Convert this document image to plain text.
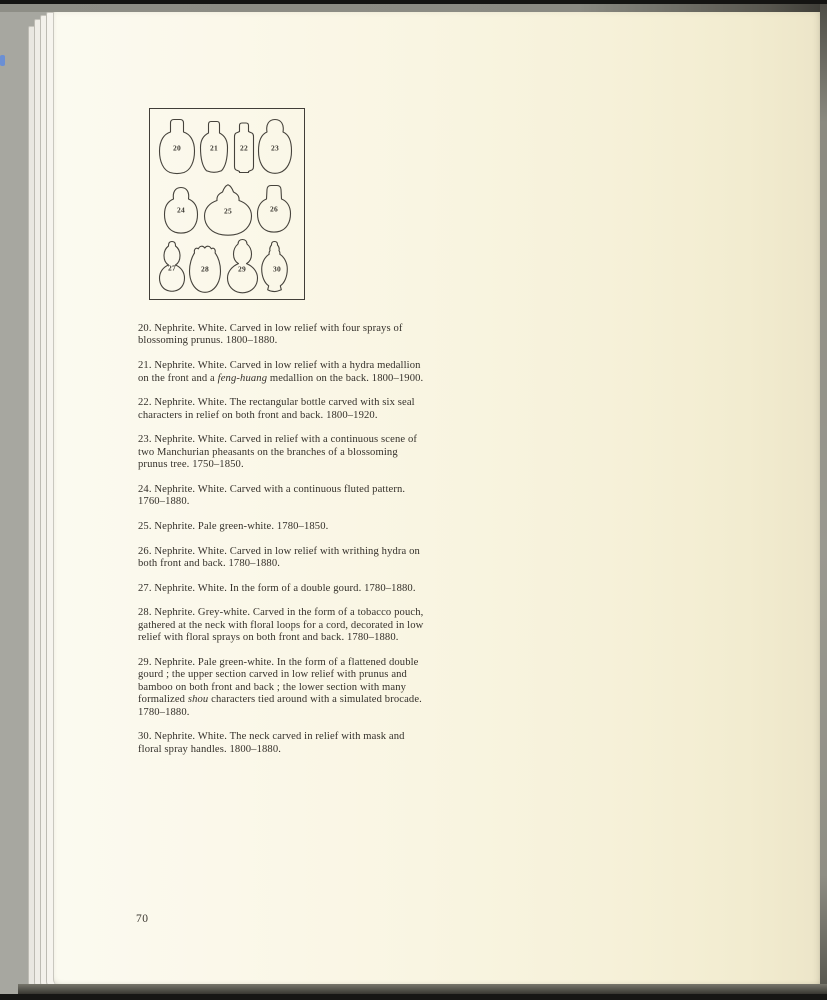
20	21	22	23
24	25	26
27	28	29	30

20. Nephrite. White. Carved in low relief with four sprays of blossoming prunus. 1800–1880.

21. Nephrite. White. Carved in low relief with a hydra medallion on the front and a feng-huang medallion on the back. 1800–1900.

22. Nephrite. White. The rectangular bottle carved with six seal characters in relief on both front and back. 1800–1920.

23. Nephrite. White. Carved in relief with a continuous scene of two Manchurian pheasants on the branches of a blossoming prunus tree. 1750–1850.

24. Nephrite. White. Carved with a continuous fluted pattern. 1760–1880.

25. Nephrite. Pale green-white. 1780–1850.

26. Nephrite. White. Carved in low relief with writhing hydra on both front and back. 1780–1880.

27. Nephrite. White. In the form of a double gourd. 1780–1880.

28. Nephrite. Grey-white. Carved in the form of a tobacco pouch, gathered at the neck with floral loops for a cord, decorated in low relief with floral sprays on both front and back. 1780–1880.

29. Nephrite. Pale green-white. In the form of a flattened double gourd ; the upper section carved in low relief with prunus and bamboo on both front and back ; the lower section with many formalized shou characters tied around with a simulated brocade. 1780–1880.

30. Nephrite. White. The neck carved in relief with mask and floral spray handles. 1800–1880.

70
